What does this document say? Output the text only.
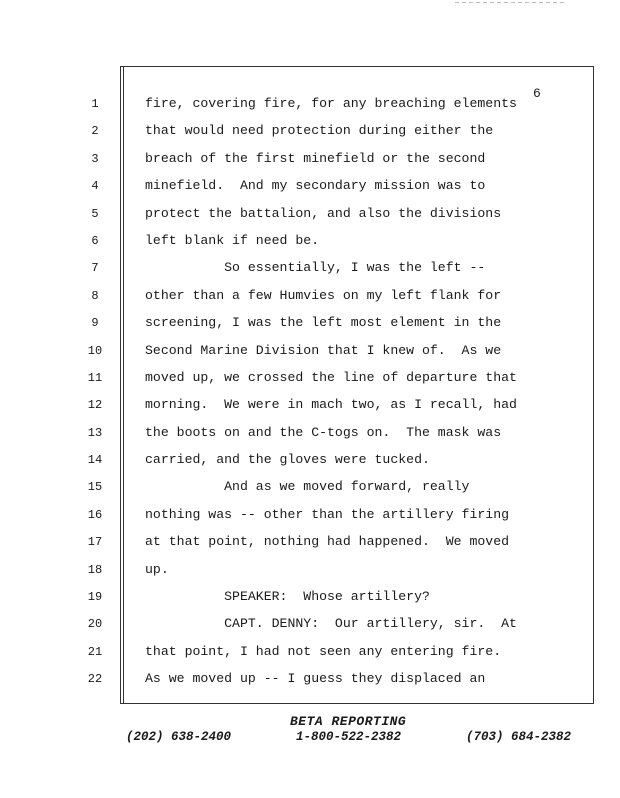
6
1
2
3
4
5
6
7
8
9
10
11
12
13
14
15
16
17
18
19
20
21
22
fire, covering fire, for any breaching elements
that would need protection during either the
breach of the first minefield or the second
minefield.  And my secondary mission was to
protect the battalion, and also the divisions
left blank if need be.
So essentially, I was the left --
other than a few Humvies on my left flank for
screening, I was the left most element in the
Second Marine Division that I knew of.  As we
moved up, we crossed the line of departure that
morning.  We were in mach two, as I recall, had
the boots on and the C-togs on.  The mask was
carried, and the gloves were tucked.
And as we moved forward, really
nothing was -- other than the artillery firing
at that point, nothing had happened.  We moved
up.
SPEAKER:  Whose artillery?
CAPT. DENNY:  Our artillery, sir.  At
that point, I had not seen any entering fire.
As we moved up -- I guess they displaced an
BETA REPORTING
(202) 638-2400	1-800-522-2382	(703) 684-2382
